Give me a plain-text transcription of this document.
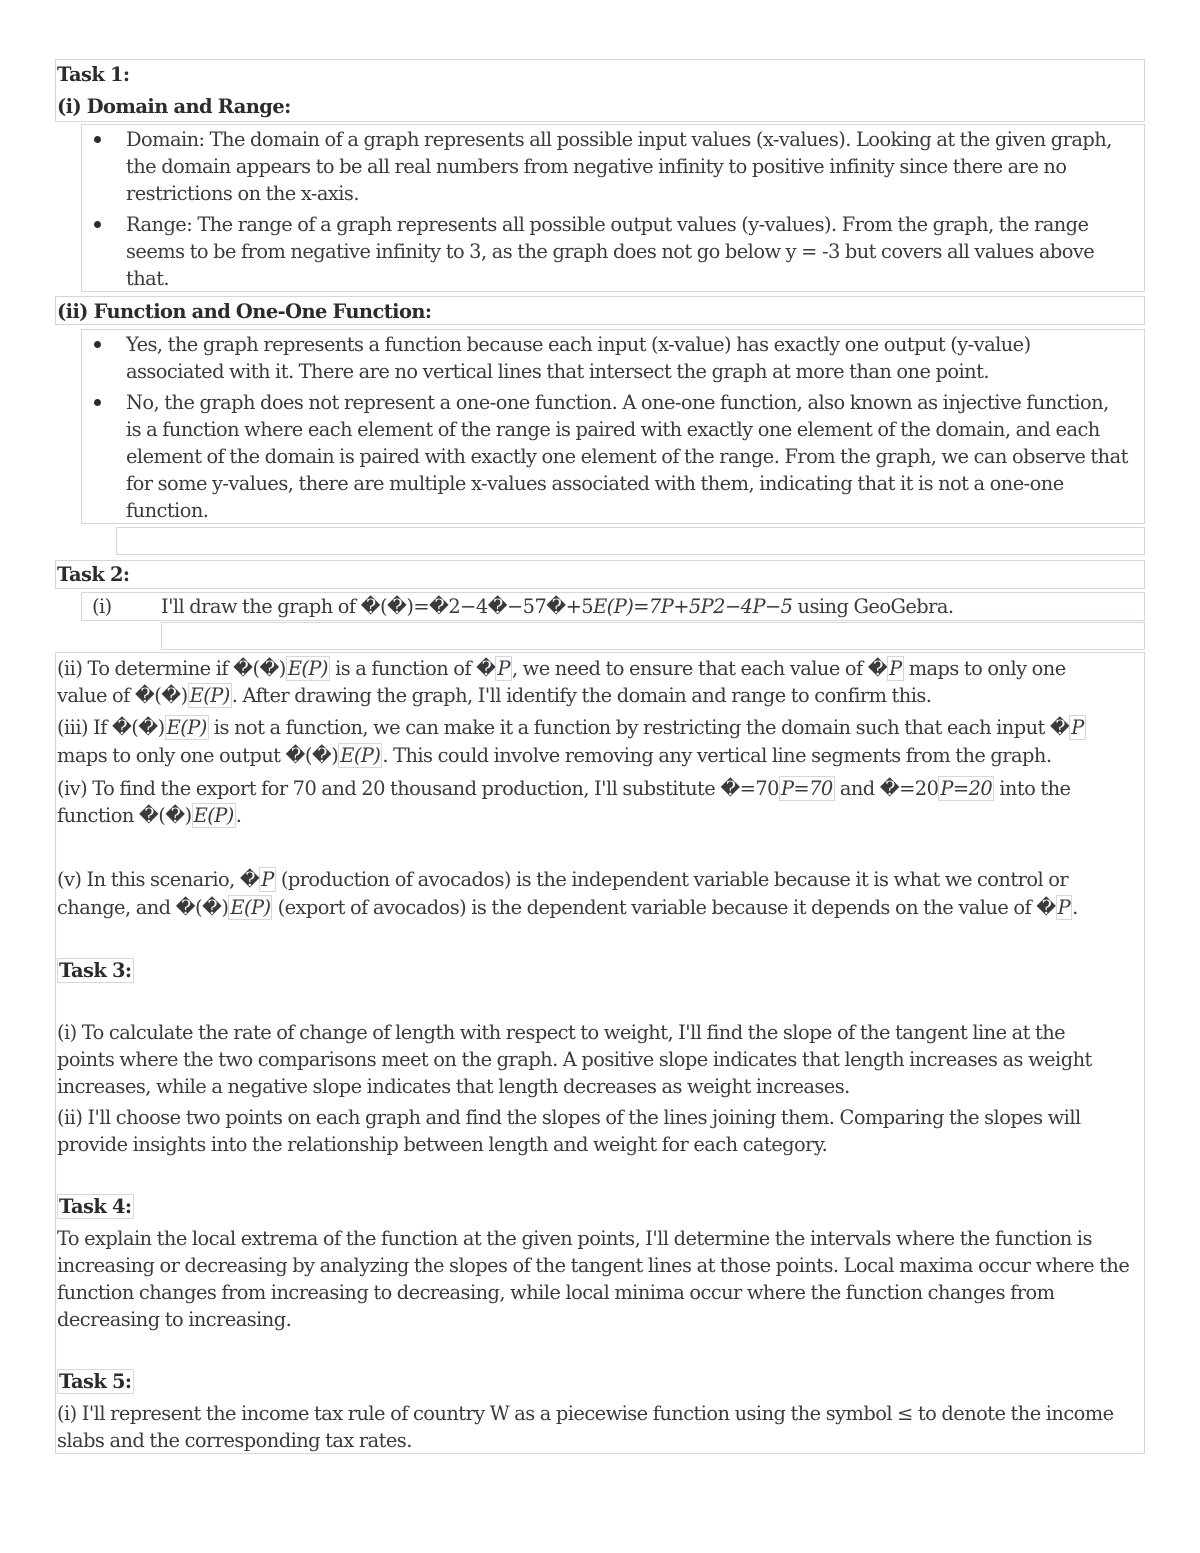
Task 1:
(i) Domain and Range:
Domain: The domain of a graph represents all possible input values (x-values). Looking at the given graph,
the domain appears to be all real numbers from negative infinity to positive infinity since there are no
restrictions on the x-axis.
Range: The range of a graph represents all possible output values (y-values). From the graph, the range
seems to be from negative infinity to 3, as the graph does not go below y = -3 but covers all values above
that.
(ii) Function and One-One Function:
Yes, the graph represents a function because each input (x-value) has exactly one output (y-value)
associated with it. There are no vertical lines that intersect the graph at more than one point.
No, the graph does not represent a one-one function. A one-one function, also known as injective function,
is a function where each element of the range is paired with exactly one element of the domain, and each
element of the domain is paired with exactly one element of the range. From the graph, we can observe that
for some y-values, there are multiple x-values associated with them, indicating that it is not a one-one
function.
Task 2:
(i)	I'll draw the graph of �(�)=�2−4�−57�+5E(P)=7P+5P2−4P−5 using GeoGebra.
(ii) To determine if �(�) E(P) is a function of � P , we need to ensure that each value of � P maps to only one
value of �(�) E(P) . After drawing the graph, I'll identify the domain and range to confirm this.
(iii) If �(�) E(P) is not a function, we can make it a function by restricting the domain such that each input � P
maps to only one output �(�) E(P) . This could involve removing any vertical line segments from the graph.
(iv) To find the export for 70 and 20 thousand production, I'll substitute �=70 P=70 and �=20 P=20 into the
function �(�) E(P) .
(v) In this scenario, � P (production of avocados) is the independent variable because it is what we control or
change, and �(�) E(P) (export of avocados) is the dependent variable because it depends on the value of � P .
Task 3:
(i) To calculate the rate of change of length with respect to weight, I'll find the slope of the tangent line at the
points where the two comparisons meet on the graph. A positive slope indicates that length increases as weight
increases, while a negative slope indicates that length decreases as weight increases.
(ii) I'll choose two points on each graph and find the slopes of the lines joining them. Comparing the slopes will
provide insights into the relationship between length and weight for each category.
Task 4:
To explain the local extrema of the function at the given points, I'll determine the intervals where the function is
increasing or decreasing by analyzing the slopes of the tangent lines at those points. Local maxima occur where the
function changes from increasing to decreasing, while local minima occur where the function changes from
decreasing to increasing.
Task 5:
(i) I'll represent the income tax rule of country W as a piecewise function using the symbol ≤ to denote the income
slabs and the corresponding tax rates.
